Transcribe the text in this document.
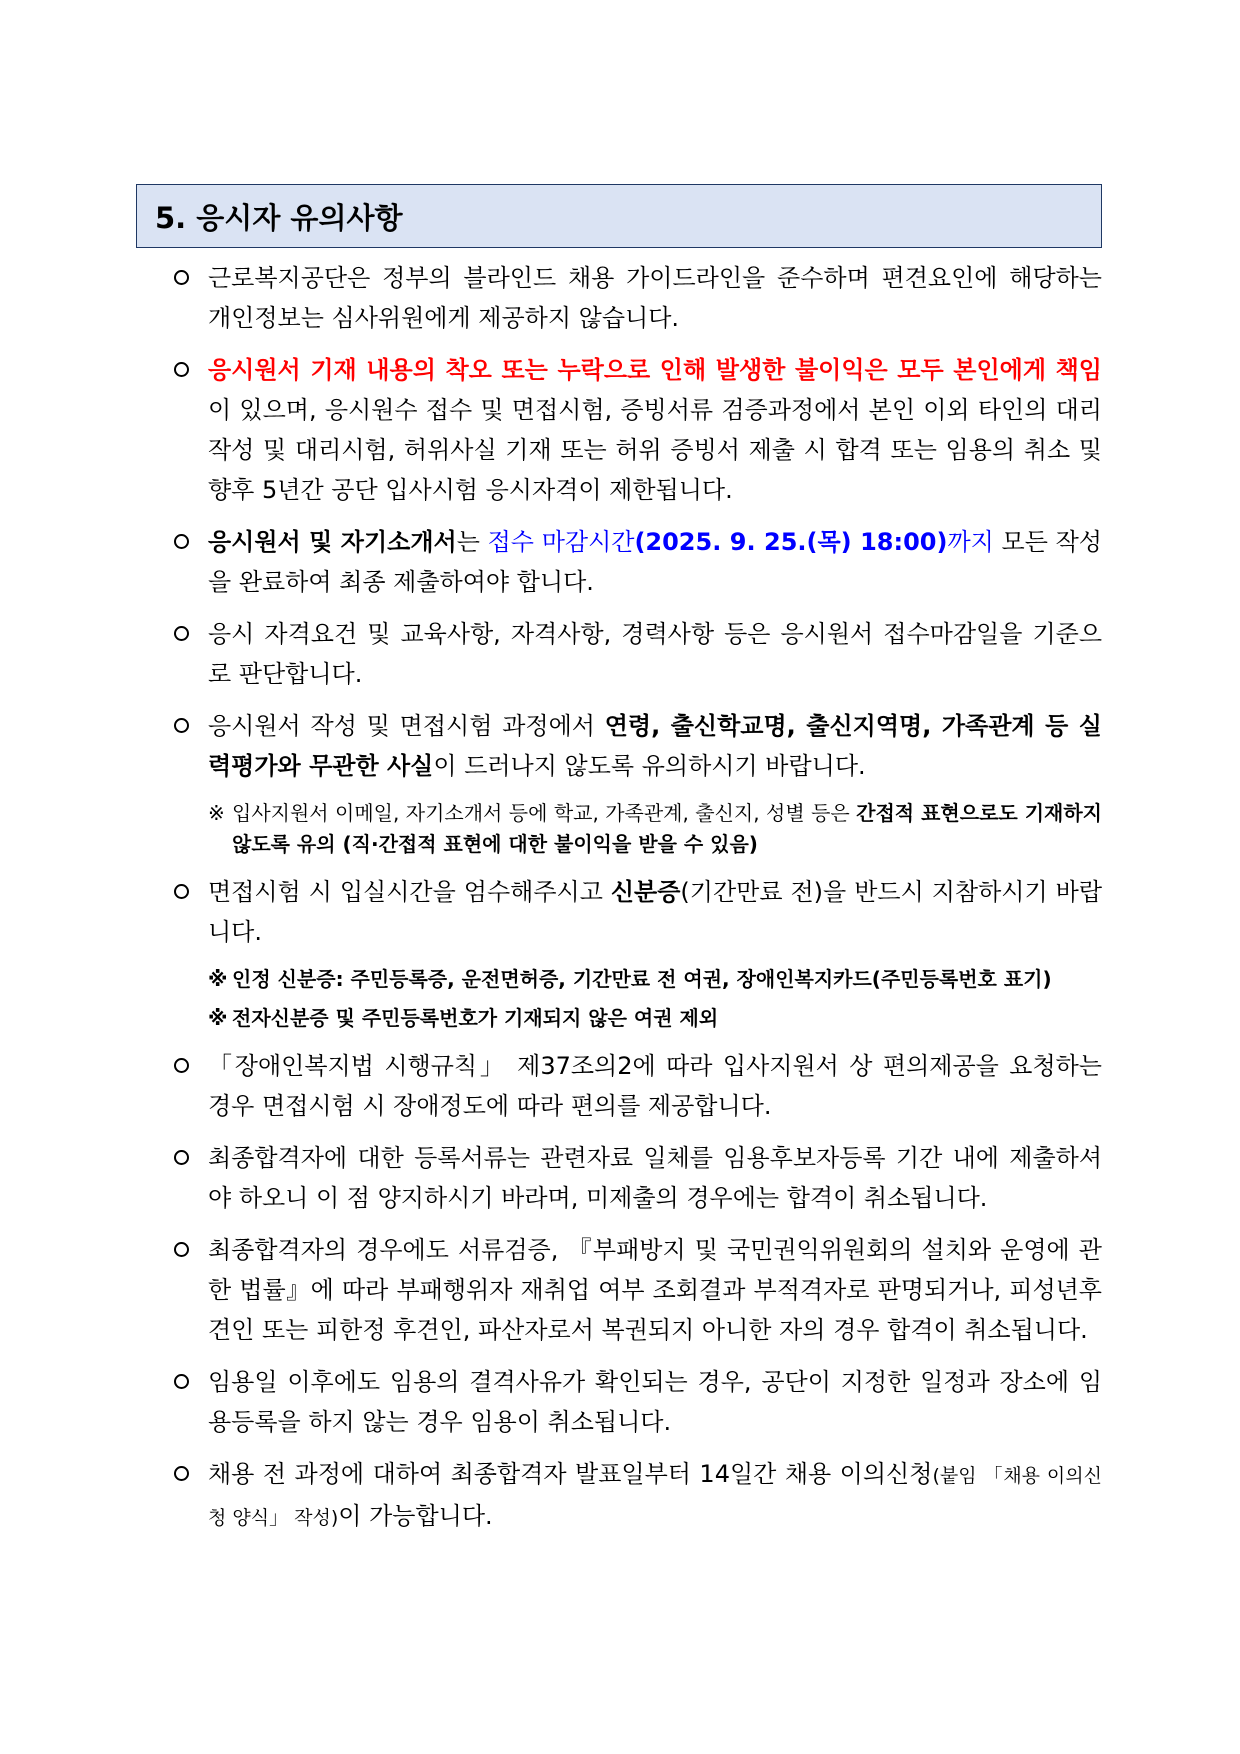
5. 응시자 유의사항
근로복지공단은 정부의 블라인드 채용 가이드라인을 준수하며 편견요인에 해당하는 개인정보는 심사위원에게 제공하지 않습니다.
응시원서 기재 내용의 착오 또는 누락으로 인해 발생한 불이익은 모두 본인에게 책임이 있으며, 응시원수 접수 및 면접시험, 증빙서류 검증과정에서 본인 이외 타인의 대리작성 및 대리시험, 허위사실 기재 또는 허위 증빙서 제출 시 합격 또는 임용의 취소 및 향후 5년간 공단 입사시험 응시자격이 제한됩니다.
응시원서 및 자기소개서는 접수 마감시간(2025. 9. 25.(목) 18:00)까지 모든 작성을 완료하여 최종 제출하여야 합니다.
응시 자격요건 및 교육사항, 자격사항, 경력사항 등은 응시원서 접수마감일을 기준으로 판단합니다.
응시원서 작성 및 면접시험 과정에서 연령, 출신학교명, 출신지역명, 가족관계 등 실력평가와 무관한 사실이 드러나지 않도록 유의하시기 바랍니다.
※ 입사지원서 이메일, 자기소개서 등에 학교, 가족관계, 출신지, 성별 등은 간접적 표현으로도 기재하지 않도록 유의 (직·간접적 표현에 대한 불이익을 받을 수 있음)
면접시험 시 입실시간을 엄수해주시고 신분증(기간만료 전)을 반드시 지참하시기 바랍니다.
※ 인정 신분증: 주민등록증, 운전면허증, 기간만료 전 여권, 장애인복지카드(주민등록번호 표기)
※ 전자신분증 및 주민등록번호가 기재되지 않은 여권 제외
「장애인복지법 시행규칙」 제37조의2에 따라 입사지원서 상 편의제공을 요청하는 경우 면접시험 시 장애정도에 따라 편의를 제공합니다.
최종합격자에 대한 등록서류는 관련자료 일체를 임용후보자등록 기간 내에 제출하셔야 하오니 이 점 양지하시기 바라며, 미제출의 경우에는 합격이 취소됩니다.
최종합격자의 경우에도 서류검증, 『부패방지 및 국민권익위원회의 설치와 운영에 관한 법률』에 따라 부패행위자 재취업 여부 조회결과 부적격자로 판명되거나, 피성년후견인 또는 피한정 후견인, 파산자로서 복권되지 아니한 자의 경우 합격이 취소됩니다.
임용일 이후에도 임용의 결격사유가 확인되는 경우, 공단이 지정한 일정과 장소에 임용등록을 하지 않는 경우 임용이 취소됩니다.
채용 전 과정에 대하여 최종합격자 발표일부터 14일간 채용 이의신청(붙임 「채용 이의신청 양식」 작성)이 가능합니다.
